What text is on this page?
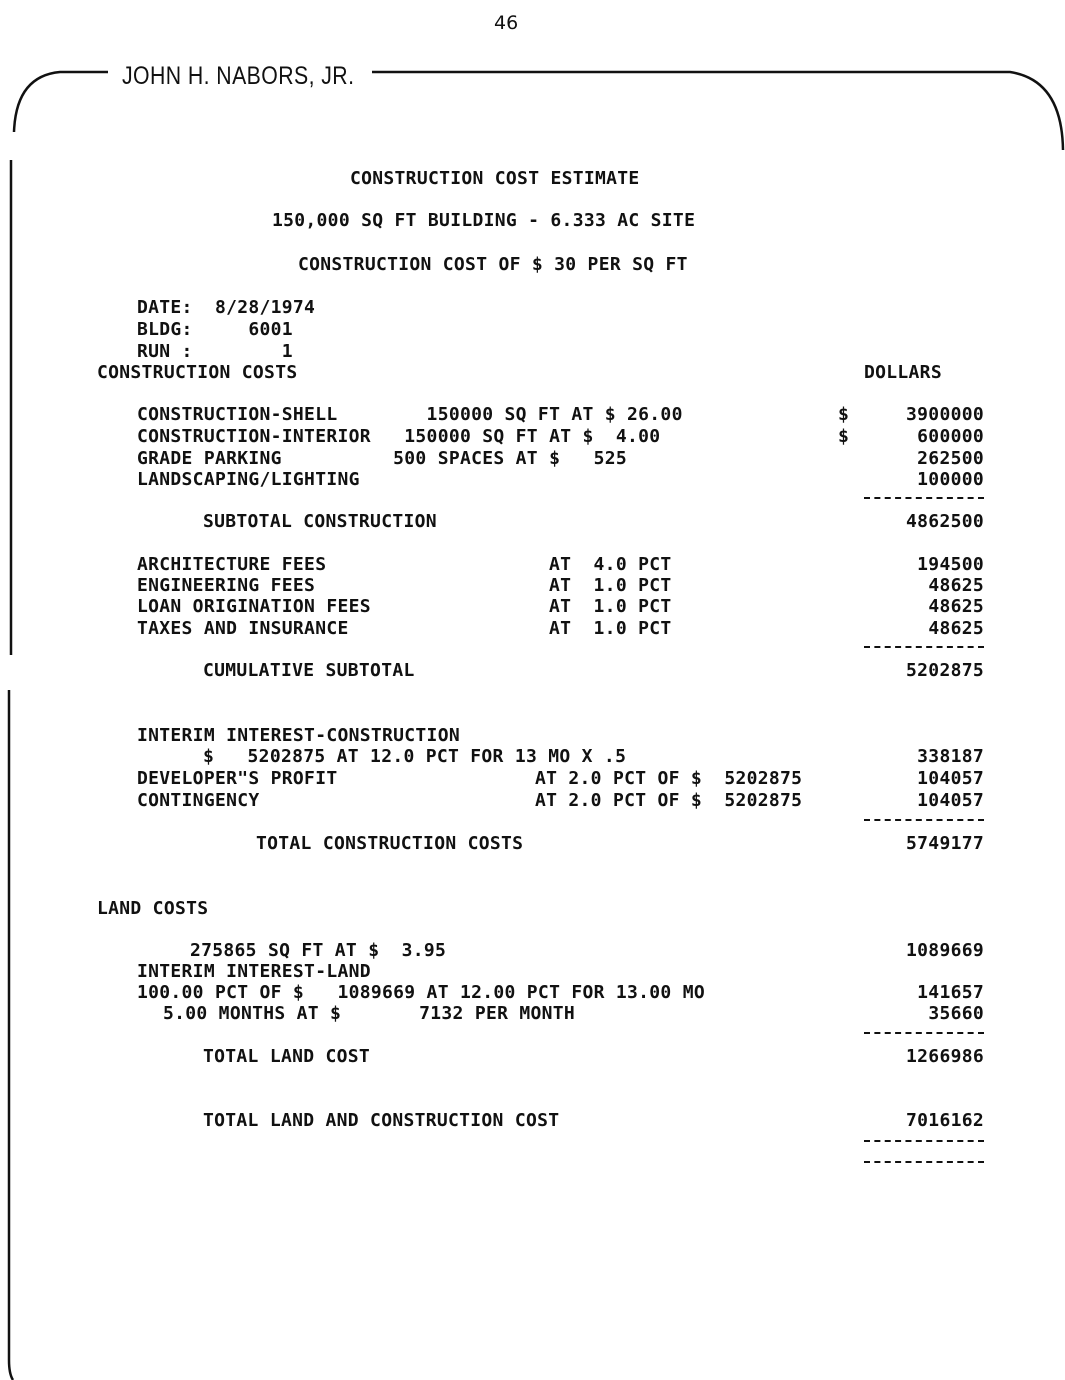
46
JOHN H. NABORS, JR.
CONSTRUCTION COST ESTIMATE
150,000 SQ FT BUILDING - 6.333 AC SITE
CONSTRUCTION COST OF $ 30 PER SQ FT
DATE:  8/28/1974
BLDG:     6001
RUN :        1
CONSTRUCTION COSTS	DOLLARS
CONSTRUCTION-SHELL        150000 SQ FT AT $ 26.00	$	3900000
CONSTRUCTION-INTERIOR   150000 SQ FT AT $  4.00	$	600000
GRADE PARKING          500 SPACES AT $   525	262500
LANDSCAPING/LIGHTING	100000
SUBTOTAL CONSTRUCTION	4862500
ARCHITECTURE FEES	AT  4.0 PCT	194500
ENGINEERING FEES	AT  1.0 PCT	48625
LOAN ORIGINATION FEES	AT  1.0 PCT	48625
TAXES AND INSURANCE	AT  1.0 PCT	48625
CUMULATIVE SUBTOTAL	5202875
INTERIM INTEREST-CONSTRUCTION
$   5202875 AT 12.0 PCT FOR 13 MO X .5	338187
DEVELOPER"S PROFIT	AT 2.0 PCT OF $  5202875	104057
CONTINGENCY	AT 2.0 PCT OF $  5202875	104057
TOTAL CONSTRUCTION COSTS	5749177
LAND COSTS
275865 SQ FT AT $  3.95	1089669
INTERIM INTEREST-LAND
100.00 PCT OF $   1089669 AT 12.00 PCT FOR 13.00 MO	141657
5.00 MONTHS AT $       7132 PER MONTH	35660
TOTAL LAND COST	1266986
TOTAL LAND AND CONSTRUCTION COST	7016162
